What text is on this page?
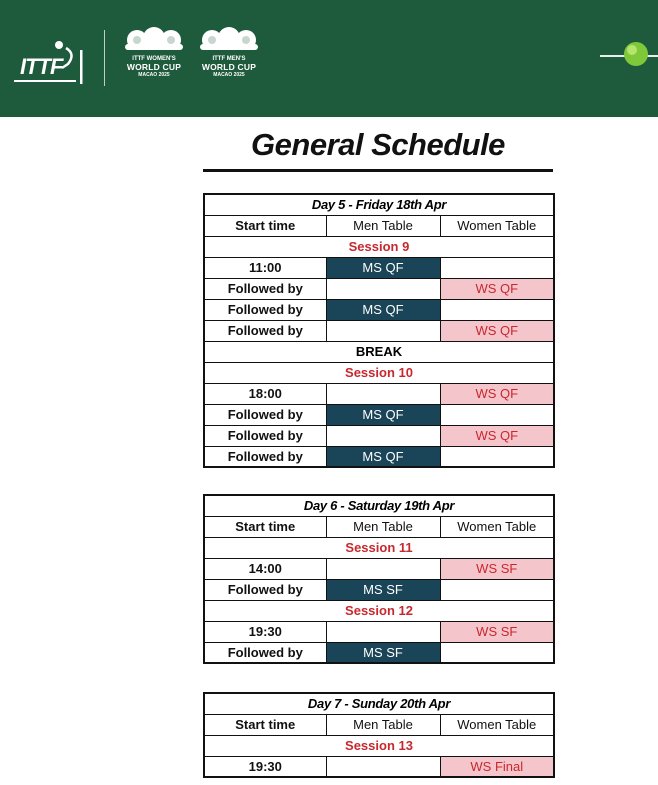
ITTF	ITTF WOMEN'S
WORLD CUP
MACAO 2025
ITTF MEN'S
WORLD CUP
MACAO 2025
General Schedule
Day 5 - Friday 18th Apr		
Start time	Men Table	Women Table
Session 9		
11:00	MS QF	
Followed by		WS QF
Followed by	MS QF	
Followed by		WS QF
BREAK		
Session 10		
18:00		WS QF
Followed by	MS QF	
Followed by		WS QF
Followed by	MS QF	
Day 6 - Saturday 19th Apr		
Start time	Men Table	Women Table
Session 11		
14:00		WS SF
Followed by	MS SF	
Session 12		
19:30		WS SF
Followed by	MS SF	
Day 7 - Sunday 20th Apr		
Start time	Men Table	Women Table
Session 13		
19:30		WS Final
